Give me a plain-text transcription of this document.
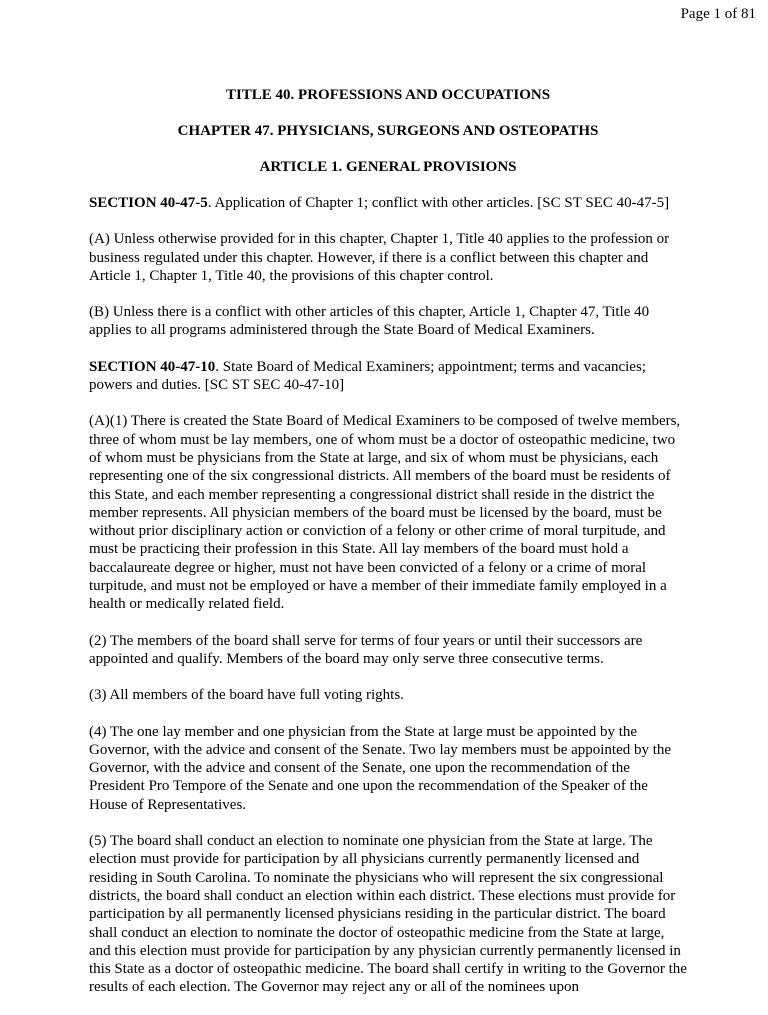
Page 1 of 81
TITLE 40. PROFESSIONS AND OCCUPATIONS
CHAPTER 47. PHYSICIANS, SURGEONS AND OSTEOPATHS
ARTICLE 1. GENERAL PROVISIONS

SECTION 40-47-5. Application of Chapter 1; conflict with other articles. [SC ST SEC 40-47-5]

(A) Unless otherwise provided for in this chapter, Chapter 1, Title 40 applies to the profession or business regulated under this chapter. However, if there is a conflict between this chapter and Article 1, Chapter 1, Title 40, the provisions of this chapter control.

(B) Unless there is a conflict with other articles of this chapter, Article 1, Chapter 47, Title 40 applies to all programs administered through the State Board of Medical Examiners.

SECTION 40-47-10. State Board of Medical Examiners; appointment; terms and vacancies; powers and duties. [SC ST SEC 40-47-10]

(A)(1) There is created the State Board of Medical Examiners to be composed of twelve members, three of whom must be lay members, one of whom must be a doctor of osteopathic medicine, two of whom must be physicians from the State at large, and six of whom must be physicians, each representing one of the six congressional districts. All members of the board must be residents of this State, and each member representing a congressional district shall reside in the district the member represents. All physician members of the board must be licensed by the board, must be without prior disciplinary action or conviction of a felony or other crime of moral turpitude, and must be practicing their profession in this State. All lay members of the board must hold a baccalaureate degree or higher, must not have been convicted of a felony or a crime of moral turpitude, and must not be employed or have a member of their immediate family employed in a health or medically related field.

(2) The members of the board shall serve for terms of four years or until their successors are appointed and qualify. Members of the board may only serve three consecutive terms.

(3) All members of the board have full voting rights.

(4) The one lay member and one physician from the State at large must be appointed by the Governor, with the advice and consent of the Senate. Two lay members must be appointed by the Governor, with the advice and consent of the Senate, one upon the recommendation of the President Pro Tempore of the Senate and one upon the recommendation of the Speaker of the House of Representatives.

(5) The board shall conduct an election to nominate one physician from the State at large. The election must provide for participation by all physicians currently permanently licensed and residing in South Carolina. To nominate the physicians who will represent the six congressional districts, the board shall conduct an election within each district. These elections must provide for participation by all permanently licensed physicians residing in the particular district. The board shall conduct an election to nominate the doctor of osteopathic medicine from the State at large, and this election must provide for participation by any physician currently permanently licensed in this State as a doctor of osteopathic medicine. The board shall certify in writing to the Governor the results of each election. The Governor may reject any or all of the nominees upon
